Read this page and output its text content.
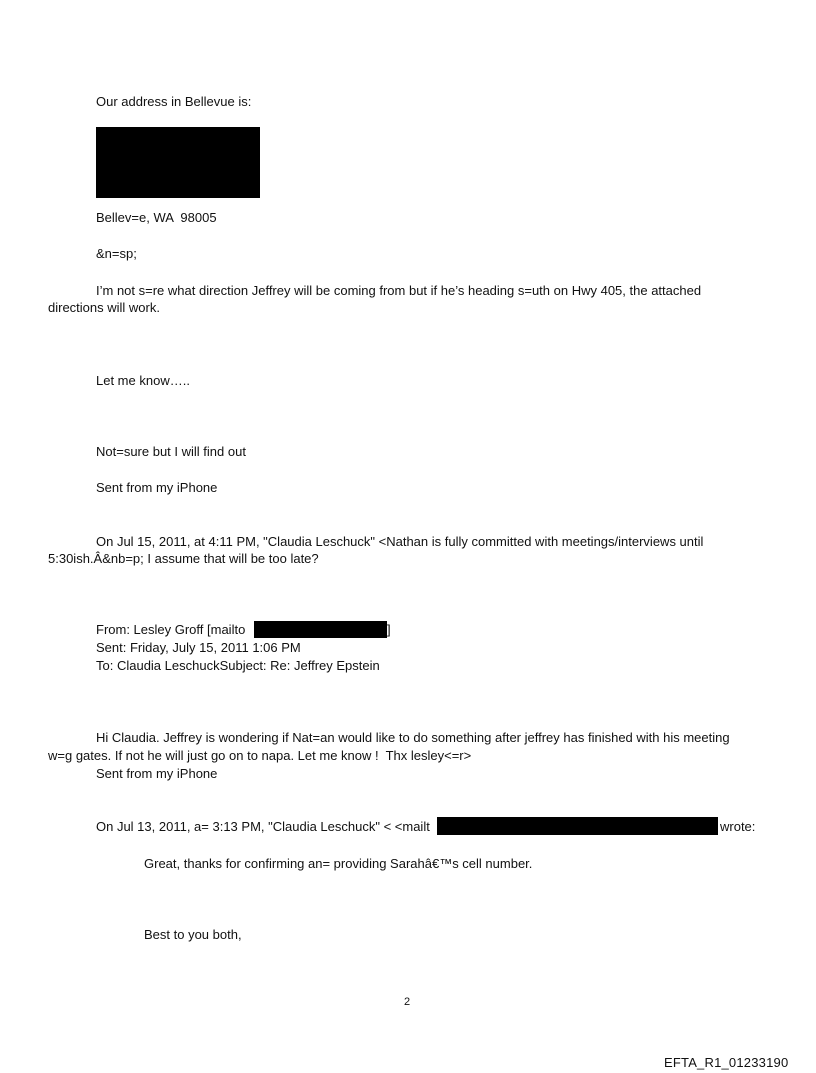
Our address in Bellevue is:
Bellev=e, WA  98005
&n=sp;
I’m not s=re what direction Jeffrey will be coming from but if he’s heading s=uth on Hwy 405, the attached
directions will work.
Let me know…..
Not=sure but I will find out
Sent from my iPhone
On Jul 15, 2011, at 4:11 PM, "Claudia Leschuck" <Nathan is fully committed with meetings/interviews until
5:30ish.Â&nb=p; I assume that will be too late?
From: Lesley Groff [mailto	]
Sent: Friday, July 15, 2011 1:06 PM
To: Claudia LeschuckSubject: Re: Jeffrey Epstein
Hi Claudia. Jeffrey is wondering if Nat=an would like to do something after jeffrey has finished with his meeting
w=g gates. If not he will just go on to napa. Let me know !  Thx lesley<=r>
Sent from my iPhone
On Jul 13, 2011, a= 3:13 PM, "Claudia Leschuck" < <mailt	wrote:
Great, thanks for confirming an= providing Sarahâ€™s cell number.
Best to you both,
2
EFTA_R1_01233190
